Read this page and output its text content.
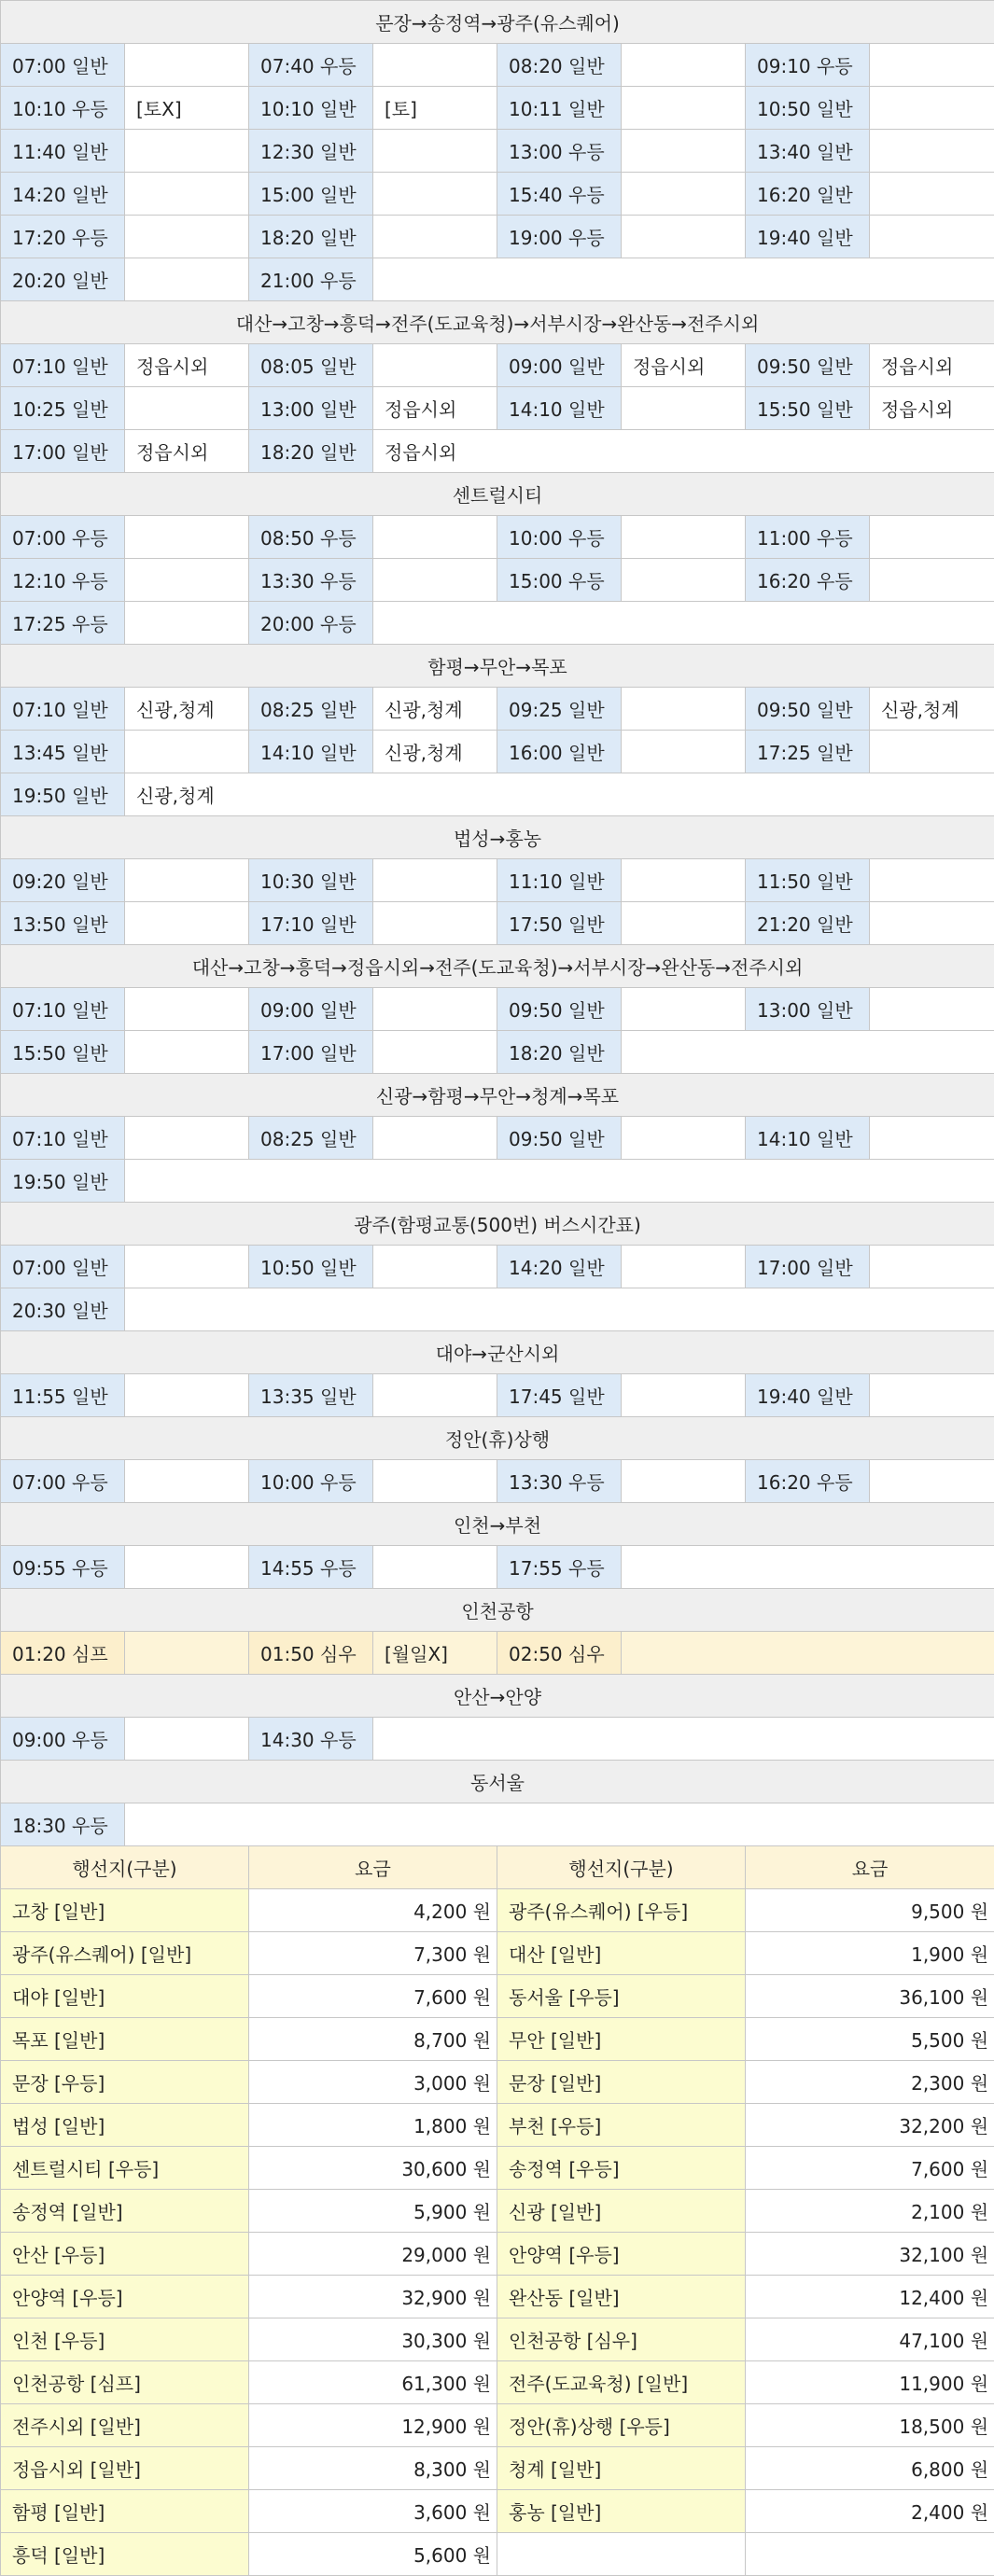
문장→송정역→광주(유스퀘어)							
07:00 일반		07:40 우등		08:20 일반		09:10 우등	
10:10 우등	[토X]	10:10 일반	[토]	10:11 일반		10:50 일반	
11:40 일반		12:30 일반		13:00 우등		13:40 일반	
14:20 일반		15:00 일반		15:40 우등		16:20 일반	
17:20 우등		18:20 일반		19:00 우등		19:40 일반	
20:20 일반		21:00 우등					
대산→고창→흥덕→전주(도교육청)→서부시장→완산동→전주시외							
07:10 일반	정읍시외	08:05 일반		09:00 일반	정읍시외	09:50 일반	정읍시외
10:25 일반		13:00 일반	정읍시외	14:10 일반		15:50 일반	정읍시외
17:00 일반	정읍시외	18:20 일반	정읍시외				
센트럴시티							
07:00 우등		08:50 우등		10:00 우등		11:00 우등	
12:10 우등		13:30 우등		15:00 우등		16:20 우등	
17:25 우등		20:00 우등					
함평→무안→목포							
07:10 일반	신광,청계	08:25 일반	신광,청계	09:25 일반		09:50 일반	신광,청계
13:45 일반		14:10 일반	신광,청계	16:00 일반		17:25 일반	
19:50 일반	신광,청계						
법성→홍농							
09:20 일반		10:30 일반		11:10 일반		11:50 일반	
13:50 일반		17:10 일반		17:50 일반		21:20 일반	
대산→고창→흥덕→정읍시외→전주(도교육청)→서부시장→완산동→전주시외							
07:10 일반		09:00 일반		09:50 일반		13:00 일반	
15:50 일반		17:00 일반		18:20 일반			
신광→함평→무안→청계→목포							
07:10 일반		08:25 일반		09:50 일반		14:10 일반	
19:50 일반							
광주(함평교통(500번) 버스시간표)							
07:00 일반		10:50 일반		14:20 일반		17:00 일반	
20:30 일반							
대야→군산시외							
11:55 일반		13:35 일반		17:45 일반		19:40 일반	
정안(휴)상행							
07:00 우등		10:00 우등		13:30 우등		16:20 우등	
인천→부천							
09:55 우등		14:55 우등		17:55 우등			
인천공항							
01:20 심프		01:50 심우	[월일X]	02:50 심우			
안산→안양							
09:00 우등		14:30 우등					
동서울							
18:30 우등							
행선지(구분)		요금		행선지(구분)		요금	
고창 [일반]		4,200 원		광주(유스퀘어) [우등]		9,500 원	
광주(유스퀘어) [일반]		7,300 원		대산 [일반]		1,900 원	
대야 [일반]		7,600 원		동서울 [우등]		36,100 원	
목포 [일반]		8,700 원		무안 [일반]		5,500 원	
문장 [우등]		3,000 원		문장 [일반]		2,300 원	
법성 [일반]		1,800 원		부천 [우등]		32,200 원	
센트럴시티 [우등]		30,600 원		송정역 [우등]		7,600 원	
송정역 [일반]		5,900 원		신광 [일반]		2,100 원	
안산 [우등]		29,000 원		안양역 [우등]		32,100 원	
안양역 [우등]		32,900 원		완산동 [일반]		12,400 원	
인천 [우등]		30,300 원		인천공항 [심우]		47,100 원	
인천공항 [심프]		61,300 원		전주(도교육청) [일반]		11,900 원	
전주시외 [일반]		12,900 원		정안(휴)상행 [우등]		18,500 원	
정읍시외 [일반]		8,300 원		청계 [일반]		6,800 원	
함평 [일반]		3,600 원		홍농 [일반]		2,400 원	
흥덕 [일반]		5,600 원					
